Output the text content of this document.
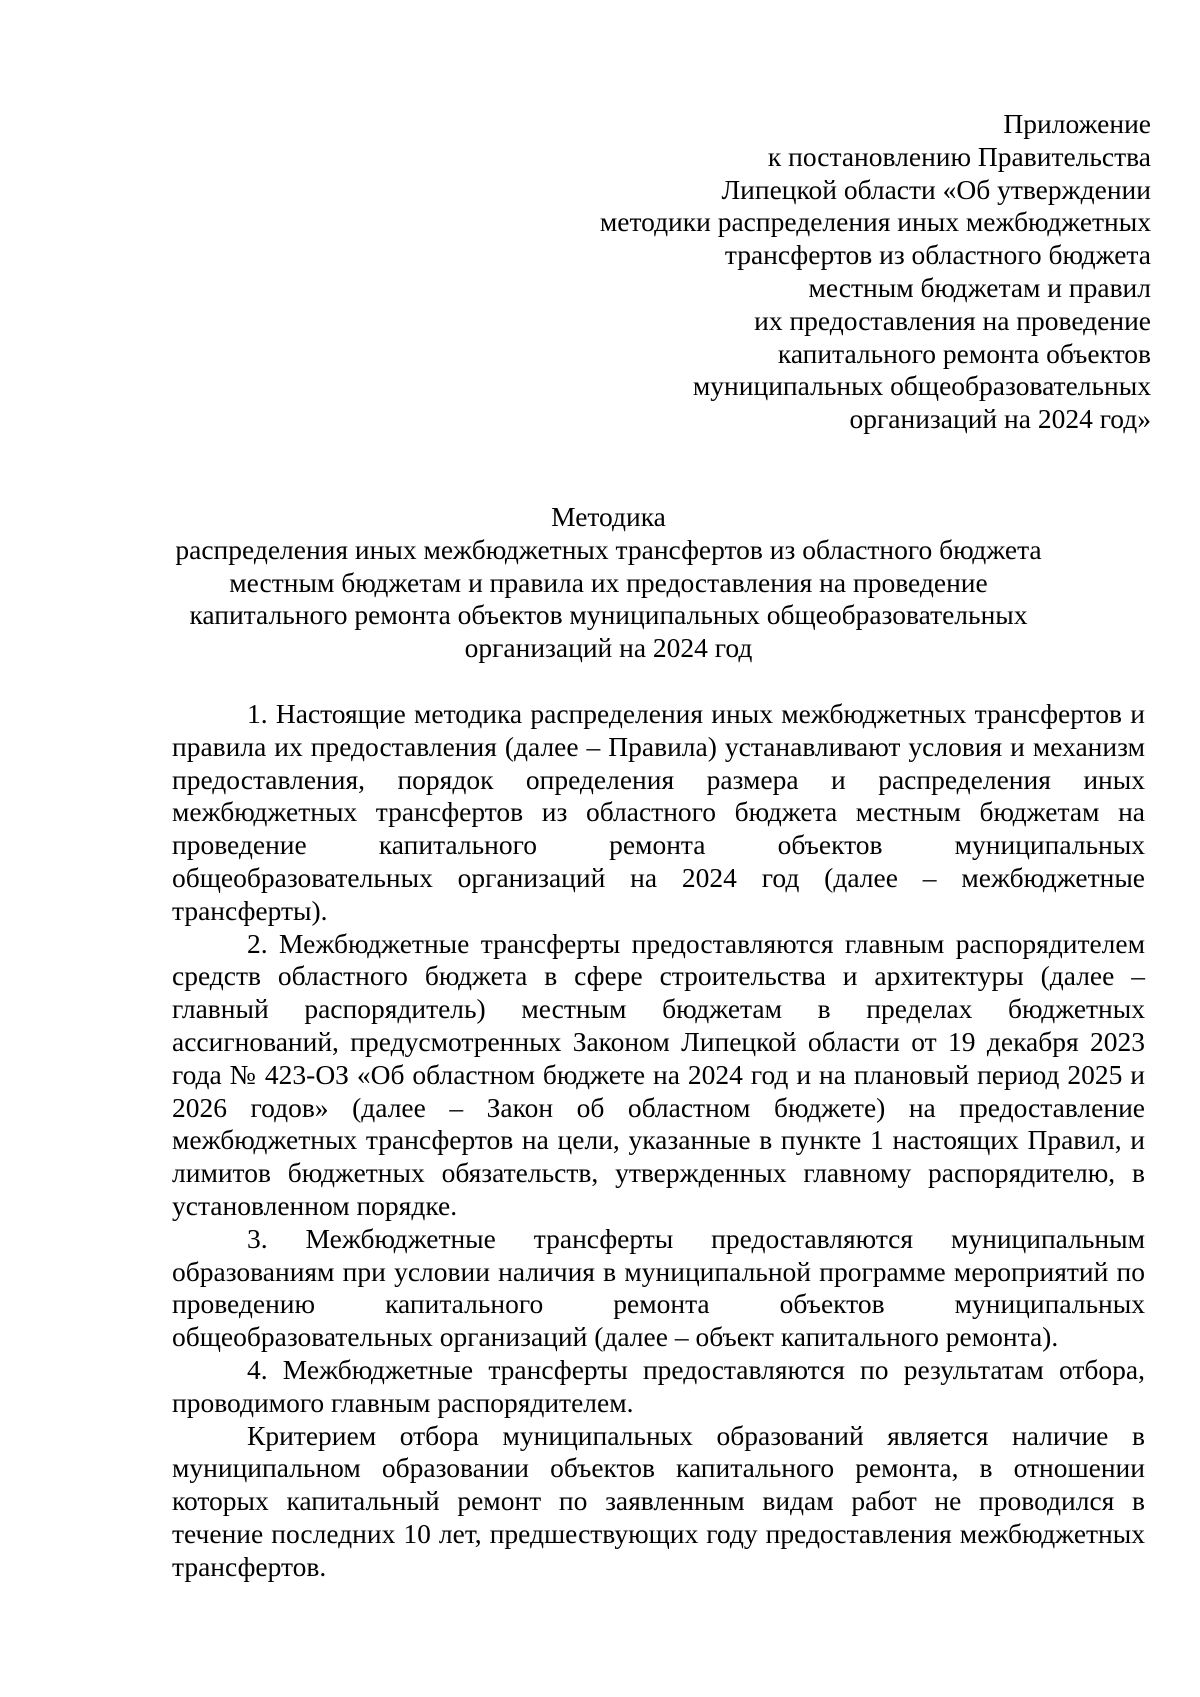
Приложение
к постановлению Правительства
Липецкой области «Об утверждении
методики распределения иных межбюджетных
трансфертов из областного бюджета
местным бюджетам и правил
их предоставления на проведение
капитального ремонта объектов
муниципальных общеобразовательных
организаций на 2024 год»
Методика
распределения иных межбюджетных трансфертов из областного бюджета
местным бюджетам и правила их предоставления на проведение
капитального ремонта объектов муниципальных общеобразовательных
организаций на 2024 год

1. Настоящие методика распределения иных межбюджетных трансфертов и правила их предоставления (далее – Правила) устанавливают условия и механизм предоставления, порядок определения размера и распределения иных межбюджетных трансфертов из областного бюджета местным бюджетам на проведение капитального ремонта объектов муниципальных общеобразовательных организаций на 2024 год (далее – межбюджетные трансферты).

2. Межбюджетные трансферты предоставляются главным распорядителем средств областного бюджета в сфере строительства и архитектуры (далее – главный распорядитель) местным бюджетам в пределах бюджетных ассигнований, предусмотренных Законом Липецкой области от 19 декабря 2023 года № 423-ОЗ «Об областном бюджете на 2024 год и на плановый период 2025 и 2026 годов» (далее – Закон об областном бюджете) на предоставление межбюджетных трансфертов на цели, указанные в пункте 1 настоящих Правил, и лимитов бюджетных обязательств, утвержденных главному распорядителю, в установленном порядке.

3. Межбюджетные трансферты предоставляются муниципальным образованиям при условии наличия в муниципальной программе мероприятий по проведению капитального ремонта объектов муниципальных общеобразовательных организаций (далее – объект капитального ремонта).

4. Межбюджетные трансферты предоставляются по результатам отбора, проводимого главным распорядителем.

Критерием отбора муниципальных образований является наличие в муниципальном образовании объектов капитального ремонта, в отношении которых капитальный ремонт по заявленным видам работ не проводился в течение последних 10 лет, предшествующих году предоставления межбюджетных трансфертов.
